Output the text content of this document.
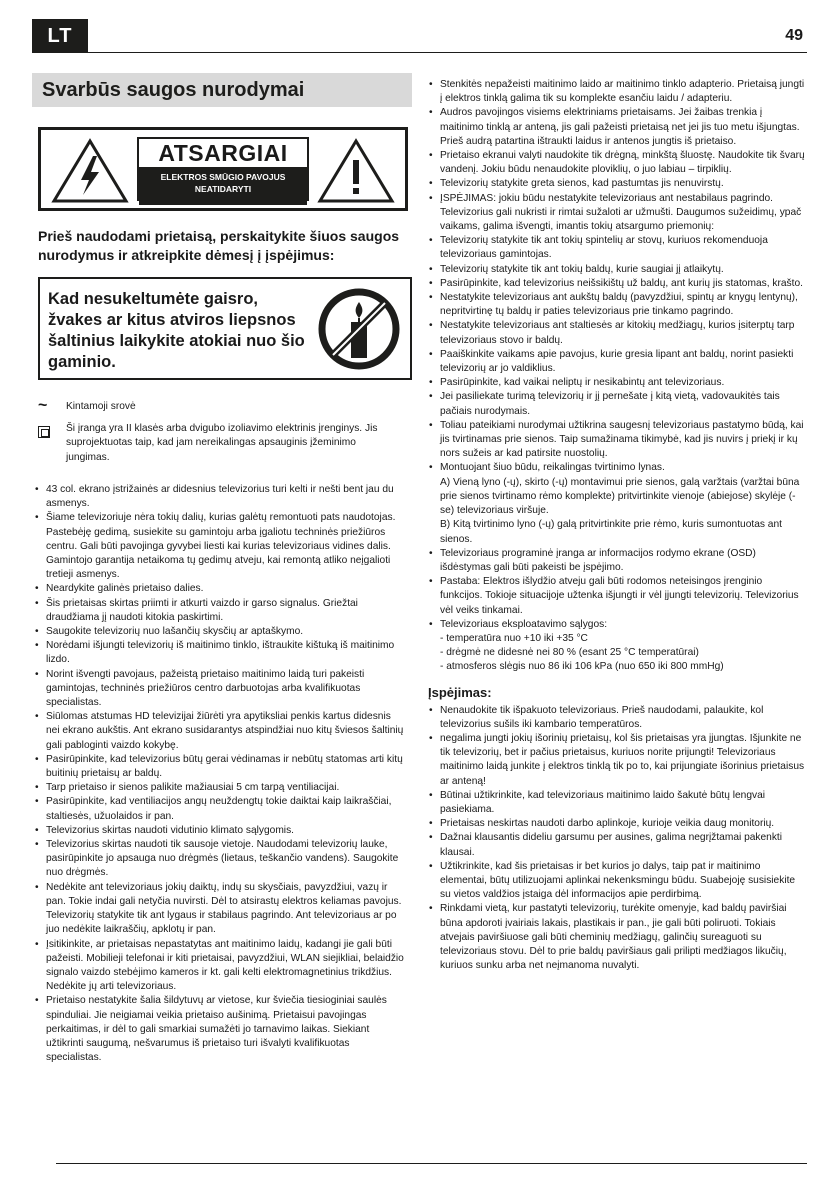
LT	49
Svarbūs saugos nurodymai
ATSARGIAI
ELEKTROS SMŪGIO PAVOJUS
NEATIDARYTI
Prieš naudodami prietaisą, perskaitykite šiuos saugos nurodymus ir atkreipkite dėmesį į įspėjimus:
Kad nesukeltumėte gaisro, žvakes ar kitus atviros liepsnos šaltinius laikykite atokiai nuo šio gaminio.
~	Kintamoji srovė
Ši įranga yra II klasės arba dvigubo izoliavimo elektrinis įrenginys. Jis suprojektuotas taip, kad jam nereikalingas apsauginis įžeminimo jungimas.
• 43 col. ekrano įstrižainės ar didesnius televizorius turi kelti ir nešti bent jau du asmenys.
• Šiame televizoriuje nėra tokių dalių, kurias galėtų remontuoti pats naudotojas. Pastebėję gedimą, susiekite su gamintoju arba įgaliotu techninės priežiūros centru. Gali būti pavojinga gyvybei liesti kai kurias televizoriaus vidines dalis. Gamintojo garantija netaikoma tų gedimų atveju, kai remontą atliko neįgalioti tretieji asmenys.
• Neardykite galinės prietaiso dalies.
• Šis prietaisas skirtas priimti ir atkurti vaizdo ir garso signalus. Griežtai draudžiama jį naudoti kitokia paskirtimi.
• Saugokite televizorių nuo lašančių skysčių ar aptaškymo.
• Norėdami išjungti televizorių iš maitinimo tinklo, ištraukite kištuką iš maitinimo lizdo.
• Norint išvengti pavojaus, pažeistą prietaiso maitinimo laidą turi pakeisti gamintojas, techninės priežiūros centro darbuotojas arba kvalifikuotas specialistas.
• Siūlomas atstumas HD televizijai žiūrėti yra apytiksliai penkis kartus didesnis nei ekrano aukštis. Ant ekrano susidarantys atspindžiai nuo kitų šviesos šaltinių gali pabloginti vaizdo kokybę.
• Pasirūpinkite, kad televizorius būtų gerai vėdinamas ir nebūtų statomas arti kitų buitinių prietaisų ar baldų.
• Tarp prietaiso ir sienos palikite mažiausiai 5 cm tarpą ventiliacijai.
• Pasirūpinkite, kad ventiliacijos angų neuždengtų tokie daiktai kaip laikraščiai, staltiesės, užuolaidos ir pan.
• Televizorius skirtas naudoti vidutinio klimato sąlygomis.
• Televizorius skirtas naudoti tik sausoje vietoje. Naudodami televizorių lauke, pasirūpinkite jo apsauga nuo drėgmės (lietaus, teškančio vandens). Saugokite nuo drėgmės.
• Nedėkite ant televizoriaus jokių daiktų, indų su skysčiais, pavyzdžiui, vazų ir pan. Tokie indai gali netyčia nuvirsti. Dėl to atsirastų elektros keliamas pavojus. Televizorių statykite tik ant lygaus ir stabilaus pagrindo. Ant televizoriaus ar po juo nedėkite laikraščių, apklotų ir pan.
• Įsitikinkite, ar prietaisas nepastatytas ant maitinimo laidų, kadangi jie gali būti pažeisti. Mobilieji telefonai ir kiti prietaisai, pavyzdžiui, WLAN siejikliai, belaidžio signalo vaizdo stebėjimo kameros ir kt. gali kelti elektromagnetinius trikdžius. Nedėkite jų arti televizoriaus.
• Prietaiso nestatykite šalia šildytuvų ar vietose, kur šviečia tiesioginiai saulės spinduliai. Jie neigiamai veikia prietaiso aušinimą. Prietaisui pavojingas perkaitimas, ir dėl to gali smarkiai sumažėti jo tarnavimo laikas. Siekiant užtikrinti saugumą, nešvarumus iš prietaiso turi išvalyti kvalifikuotas specialistas.
• Stenkitės nepažeisti maitinimo laido ar maitinimo tinklo adapterio. Prietaisą jungti į elektros tinklą galima tik su komplekte esančiu laidu / adapteriu.
• Audros pavojingos visiems elektriniams prietaisams. Jei žaibas trenkia į maitinimo tinklą ar anteną, jis gali pažeisti prietaisą net jei jis tuo metu išjungtas. Prieš audrą patartina ištraukti laidus ir antenos jungtis iš prietaiso.
• Prietaiso ekranui valyti naudokite tik drėgną, minkštą šluostę. Naudokite tik švarų vandenį. Jokiu būdu nenaudokite ploviklių, o juo labiau – tirpiklių.
• Televizorių statykite greta sienos, kad pastumtas jis nenuvirstų.
• ĮSPĖJIMAS: jokiu būdu nestatykite televizoriaus ant nestabilaus pagrindo. Televizorius gali nukristi ir rimtai sužaloti ar užmušti. Daugumos sužeidimų, ypač vaikams, galima išvengti, imantis tokių atsargumo priemonių:
• Televizorių statykite tik ant tokių spintelių ar stovų, kuriuos rekomenduoja televizoriaus gamintojas.
• Televizorių statykite tik ant tokių baldų, kurie saugiai jį atlaikytų.
• Pasirūpinkite, kad televizorius neišsikištų už baldų, ant kurių jis statomas, krašto.
• Nestatykite televizoriaus ant aukštų baldų (pavyzdžiui, spintų ar knygų lentynų), nepritvirtinę tų baldų ir paties televizoriaus prie tinkamo pagrindo.
• Nestatykite televizoriaus ant staltiesės ar kitokių medžiagų, kurios įsiterptų tarp televizoriaus stovo ir baldų.
• Paaiškinkite vaikams apie pavojus, kurie gresia lipant ant baldų, norint pasiekti televizorių ar jo valdiklius.
• Pasirūpinkite, kad vaikai neliptų ir nesikabintų ant televizoriaus.
• Jei pasiliekate turimą televizorių ir jį pernešate į kitą vietą, vadovaukitės tais pačiais nurodymais.
• Toliau pateikiami nurodymai užtikrina saugesnį televizoriaus pastatymo būdą, kai jis tvirtinamas prie sienos. Taip sumažinama tikimybė, kad jis nuvirs į priekį ir kų nors sužeis ar kad patirsite nuostolių.
• Montuojant šiuo būdu, reikalingas tvirtinimo lynas.
A) Vieną lyno (-ų), skirto (-ų) montavimui prie sienos, galą varžtais (varžtai būna prie sienos tvirtinamo rėmo komplekte) pritvirtinkite vienoje (abiejose) skylėje (-se) televizoriaus viršuje.
B) Kitą tvirtinimo lyno (-ų) galą pritvirtinkite prie rėmo, kuris sumontuotas ant sienos.
• Televizoriaus programinė įranga ar informacijos rodymo ekrane (OSD) išdėstymas gali būti pakeisti be įspėjimo.
• Pastaba: Elektros išlydžio atveju gali būti rodomos neteisingos įrenginio funkcijos. Tokioje situacijoje užtenka išjungti ir vėl įjungti televizorių. Televizorius vėl veiks tinkamai.
• Televizoriaus eksploatavimo sąlygos:
- temperatūra nuo +10 iki +35 °C
- drėgmė ne didesnė nei 80 % (esant 25 °C temperatūrai)
- atmosferos slėgis nuo 86 iki 106 kPa (nuo 650 iki 800 mmHg)
Įspėjimas:
• Nenaudokite tik išpakuoto televizoriaus. Prieš naudodami, palaukite, kol televizorius sušils iki kambario temperatūros.
• negalima jungti jokių išorinių prietaisų, kol šis prietaisas yra įjungtas. Išjunkite ne tik televizorių, bet ir pačius prietaisus, kuriuos norite prijungti! Televizoriaus maitinimo laidą junkite į elektros tinklą tik po to, kai prijungiate išorinius prietaisus ar anteną!
• Būtinai užtikrinkite, kad televizoriaus maitinimo laido šakutė būtų lengvai pasiekiama.
• Prietaisas neskirtas naudoti darbo aplinkoje, kurioje veikia daug monitorių.
• Dažnai klausantis dideliu garsumu per ausines, galima negrįžtamai pakenkti klausai.
• Užtikrinkite, kad šis prietaisas ir bet kurios jo dalys, taip pat ir maitinimo elementai, būtų utilizuojami aplinkai nekenksmingu būdu. Suabejoję susisiekite su vietos valdžios įstaiga dėl informacijos apie perdirbimą.
• Rinkdami vietą, kur pastatyti televizorių, turėkite omenyje, kad baldų paviršiai būna apdoroti įvairiais lakais, plastikais ir pan., jie gali būti poliruoti. Tokiais atvejais paviršiuose gali būti cheminių medžiagų, galinčių sureaguoti su televizoriaus stovu. Dėl to prie baldų paviršiaus gali prilipti medžiagos likučių, kuriuos sunku arba net neįmanoma nuvalyti.
